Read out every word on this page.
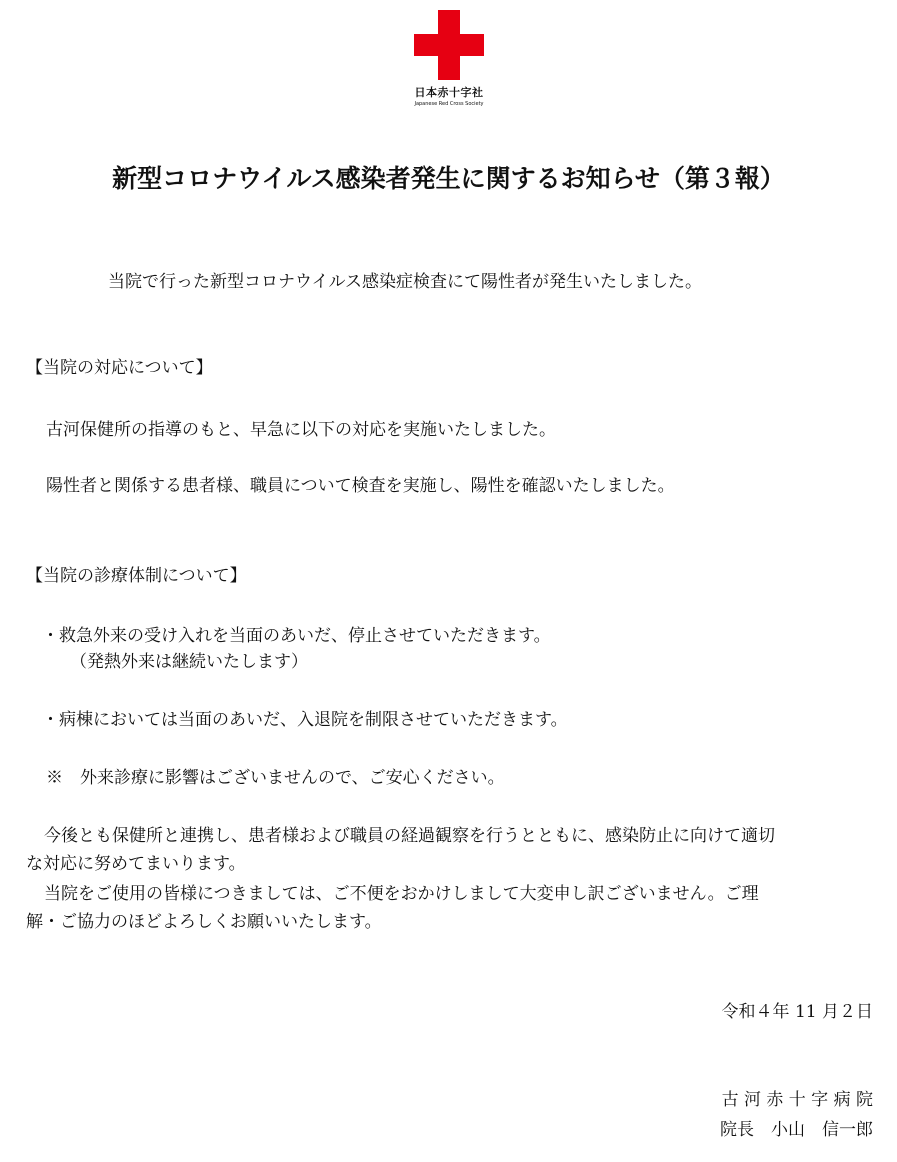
日本赤十字社
Japanese Red Cross Society
新型コロナウイルス感染者発生に関するお知らせ（第３報）
当院で行った新型コロナウイルス感染症検査にて陽性者が発生いたしました。
【当院の対応について】
古河保健所の指導のもと、早急に以下の対応を実施いたしました。
陽性者と関係する患者様、職員について検査を実施し、陽性を確認いたしました。
【当院の診療体制について】
・救急外来の受け入れを当面のあいだ、停止させていただきます。
（発熱外来は継続いたします）
・病棟においては当面のあいだ、入退院を制限させていただきます。
※　外来診療に影響はございませんので、ご安心ください。
今後とも保健所と連携し、患者様および職員の経過観察を行うとともに、感染防止に向けて適切
な対応に努めてまいります。
当院をご使用の皆様につきましては、ご不便をおかけしまして大変申し訳ございません。ご理
解・ご協力のほどよろしくお願いいたします。
令和４年 11 月２日
古 河 赤 十 字 病 院
院長　小山　信一郎
